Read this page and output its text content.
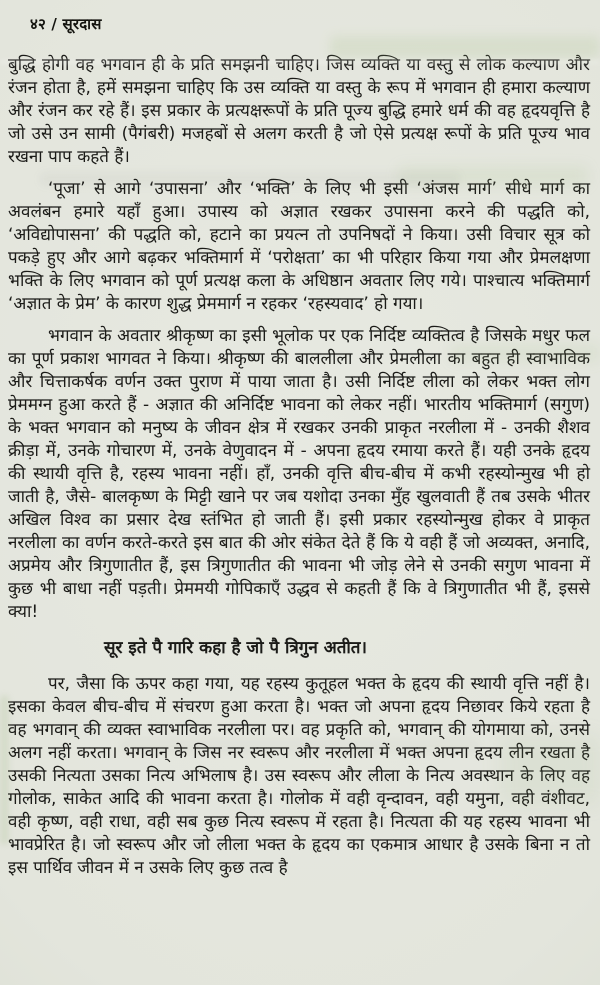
४२ / सूरदास

बुद्धि होगी वह भगवान ही के प्रति समझनी चाहिए। जिस व्यक्ति या वस्तु से लोक कल्याण और रंजन होता है, हमें समझना चाहिए कि उस व्यक्ति या वस्तु के रूप में भगवान ही हमारा कल्याण और रंजन कर रहे हैं। इस प्रकार के प्रत्यक्षरूपों के प्रति पूज्य बुद्धि हमारे धर्म की वह हृदयवृत्ति है जो उसे उन सामी (पैगंबरी) मजहबों से अलग करती है जो ऐसे प्रत्यक्ष रूपों के प्रति पूज्य भाव रखना पाप कहते हैं।

‘पूजा’ से आगे ‘उपासना’ और ‘भक्ति’ के लिए भी इसी ‘अंजस मार्ग’ सीधे मार्ग का अवलंबन हमारे यहाँ हुआ। उपास्य को अज्ञात रखकर उपासना करने की पद्धति को, ‘अविद्योपासना’ की पद्धति को, हटाने का प्रयत्न तो उपनिषदों ने किया। उसी विचार सूत्र को पकड़े हुए और आगे बढ़कर भक्तिमार्ग में ‘परोक्षता’ का भी परिहार किया गया और प्रेमलक्षणा भक्ति के लिए भगवान को पूर्ण प्रत्यक्ष कला के अधिष्ठान अवतार लिए गये। पाश्चात्य भक्तिमार्ग ‘अज्ञात के प्रेम’ के कारण शुद्ध प्रेममार्ग न रहकर ‘रहस्यवाद’ हो गया।

भगवान के अवतार श्रीकृष्ण का इसी भूलोक पर एक निर्दिष्ट व्यक्तित्व है जिसके मधुर फल का पूर्ण प्रकाश भागवत ने किया। श्रीकृष्ण की बाललीला और प्रेमलीला का बहुत ही स्वाभाविक और चित्ताकर्षक वर्णन उक्त पुराण में पाया जाता है। उसी निर्दिष्ट लीला को लेकर भक्त लोग प्रेममग्न हुआ करते हैं - अज्ञात की अनिर्दिष्ट भावना को लेकर नहीं। भारतीय भक्तिमार्ग (सगुण) के भक्त भगवान को मनुष्य के जीवन क्षेत्र में रखकर उनकी प्राकृत नरलीला में - उनकी शैशव क्रीड़ा में, उनके गोचारण में, उनके वेणुवादन में - अपना हृदय रमाया करते हैं। यही उनके हृदय की स्थायी वृत्ति है, रहस्य भावना नहीं। हाँ, उनकी वृत्ति बीच-बीच में कभी रहस्योन्मुख भी हो जाती है, जैसे- बालकृष्ण के मिट्टी खाने पर जब यशोदा उनका मुँह खुलवाती हैं तब उसके भीतर अखिल विश्व का प्रसार देख स्तंभित हो जाती हैं। इसी प्रकार रहस्योन्मुख होकर वे प्राकृत नरलीला का वर्णन करते-करते इस बात की ओर संकेत देते हैं कि ये वही हैं जो अव्यक्त, अनादि, अप्रमेय और त्रिगुणातीत हैं, इस त्रिगुणातीत की भावना भी जोड़ लेने से उनकी सगुण भावना में कुछ भी बाधा नहीं पड़ती। प्रेममयी गोपिकाएँ उद्धव से कहती हैं कि वे त्रिगुणातीत भी हैं, इससे क्या!

सूर इते पै गारि कहा है जो पै त्रिगुन अतीत।

पर, जैसा कि ऊपर कहा गया, यह रहस्य कुतूहल भक्त के हृदय की स्थायी वृत्ति नहीं है। इसका केवल बीच-बीच में संचरण हुआ करता है। भक्त जो अपना हृदय निछावर किये रहता है वह भगवान् की व्यक्त स्वाभाविक नरलीला पर। वह प्रकृति को, भगवान् की योगमाया को, उनसे अलग नहीं करता। भगवान् के जिस नर स्वरूप और नरलीला में भक्त अपना हृदय लीन रखता है उसकी नित्यता उसका नित्य अभिलाष है। उस स्वरूप और लीला के नित्य अवस्थान के लिए वह गोलोक, साकेत आदि की भावना करता है। गोलोक में वही वृन्दावन, वही यमुना, वही वंशीवट, वही कृष्ण, वही राधा, वही सब कुछ नित्य स्वरूप में रहता है। नित्यता की यह रहस्य भावना भी भावप्रेरित है। जो स्वरूप और जो लीला भक्त के हृदय का एकमात्र आधार है उसके बिना न तो इस पार्थिव जीवन में न उसके लिए कुछ तत्व है
